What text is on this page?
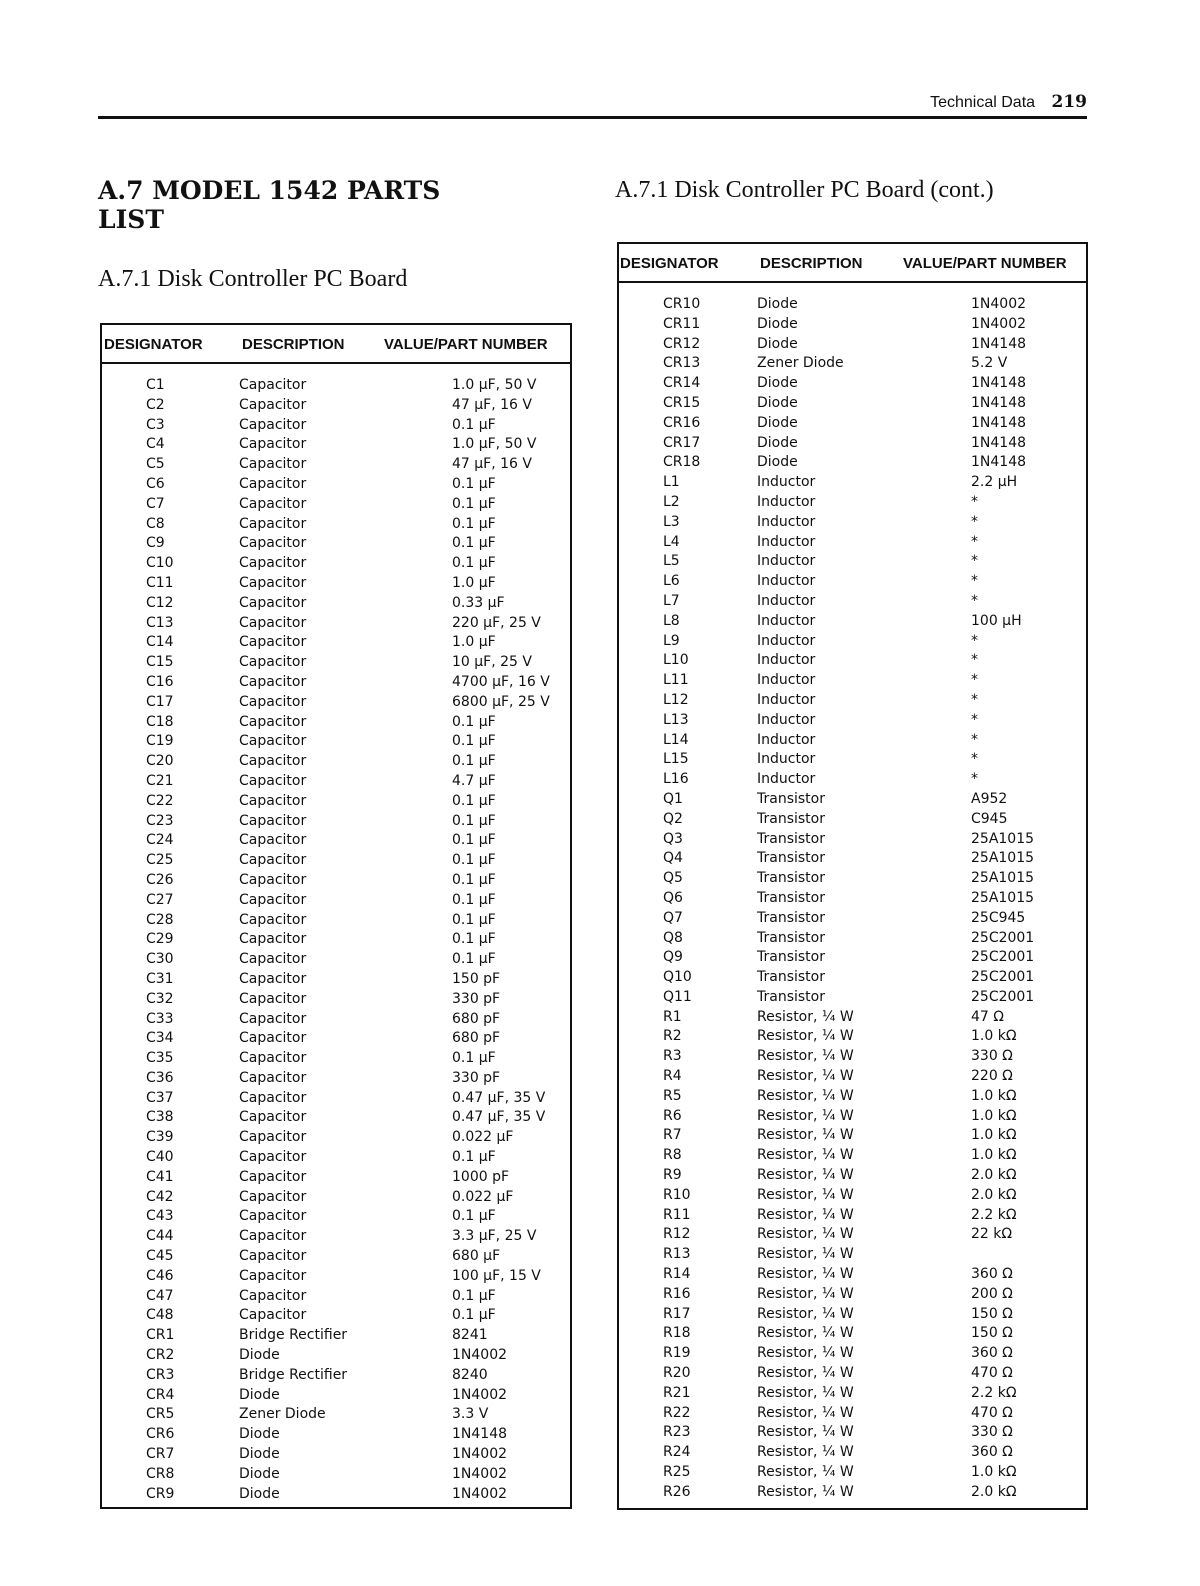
Technical Data 219
A.7 MODEL 1542 PARTS LIST
A.7.1 Disk Controller PC Board
A.7.1 Disk Controller PC Board (cont.)
DESIGNATOR	DESCRIPTION	VALUE/PART NUMBER
C1	Capacitor	1.0 µF, 50 V
C2	Capacitor	47 µF, 16 V
C3	Capacitor	0.1 µF
C4	Capacitor	1.0 µF, 50 V
C5	Capacitor	47 µF, 16 V
C6	Capacitor	0.1 µF
C7	Capacitor	0.1 µF
C8	Capacitor	0.1 µF
C9	Capacitor	0.1 µF
C10	Capacitor	0.1 µF
C11	Capacitor	1.0 µF
C12	Capacitor	0.33 µF
C13	Capacitor	220 µF, 25 V
C14	Capacitor	1.0 µF
C15	Capacitor	10 µF, 25 V
C16	Capacitor	4700 µF, 16 V
C17	Capacitor	6800 µF, 25 V
C18	Capacitor	0.1 µF
C19	Capacitor	0.1 µF
C20	Capacitor	0.1 µF
C21	Capacitor	4.7 µF
C22	Capacitor	0.1 µF
C23	Capacitor	0.1 µF
C24	Capacitor	0.1 µF
C25	Capacitor	0.1 µF
C26	Capacitor	0.1 µF
C27	Capacitor	0.1 µF
C28	Capacitor	0.1 µF
C29	Capacitor	0.1 µF
C30	Capacitor	0.1 µF
C31	Capacitor	150 pF
C32	Capacitor	330 pF
C33	Capacitor	680 pF
C34	Capacitor	680 pF
C35	Capacitor	0.1 µF
C36	Capacitor	330 pF
C37	Capacitor	0.47 µF, 35 V
C38	Capacitor	0.47 µF, 35 V
C39	Capacitor	0.022 µF
C40	Capacitor	0.1 µF
C41	Capacitor	1000 pF
C42	Capacitor	0.022 µF
C43	Capacitor	0.1 µF
C44	Capacitor	3.3 µF, 25 V
C45	Capacitor	680 µF
C46	Capacitor	100 µF, 15 V
C47	Capacitor	0.1 µF
C48	Capacitor	0.1 µF
CR1	Bridge Rectifier	8241
CR2	Diode	1N4002
CR3	Bridge Rectifier	8240
CR4	Diode	1N4002
CR5	Zener Diode	3.3 V
CR6	Diode	1N4148
CR7	Diode	1N4002
CR8	Diode	1N4002
CR9	Diode	1N4002
DESIGNATOR	DESCRIPTION	VALUE/PART NUMBER
CR10	Diode	1N4002
CR11	Diode	1N4002
CR12	Diode	1N4148
CR13	Zener Diode	5.2 V
CR14	Diode	1N4148
CR15	Diode	1N4148
CR16	Diode	1N4148
CR17	Diode	1N4148
CR18	Diode	1N4148
L1	Inductor	2.2 µH
L2	Inductor	*
L3	Inductor	*
L4	Inductor	*
L5	Inductor	*
L6	Inductor	*
L7	Inductor	*
L8	Inductor	100 µH
L9	Inductor	*
L10	Inductor	*
L11	Inductor	*
L12	Inductor	*
L13	Inductor	*
L14	Inductor	*
L15	Inductor	*
L16	Inductor	*
Q1	Transistor	A952
Q2	Transistor	C945
Q3	Transistor	25A1015
Q4	Transistor	25A1015
Q5	Transistor	25A1015
Q6	Transistor	25A1015
Q7	Transistor	25C945
Q8	Transistor	25C2001
Q9	Transistor	25C2001
Q10	Transistor	25C2001
Q11	Transistor	25C2001
R1	Resistor, ¼ W	47 Ω
R2	Resistor, ¼ W	1.0 kΩ
R3	Resistor, ¼ W	330 Ω
R4	Resistor, ¼ W	220 Ω
R5	Resistor, ¼ W	1.0 kΩ
R6	Resistor, ¼ W	1.0 kΩ
R7	Resistor, ¼ W	1.0 kΩ
R8	Resistor, ¼ W	1.0 kΩ
R9	Resistor, ¼ W	2.0 kΩ
R10	Resistor, ¼ W	2.0 kΩ
R11	Resistor, ¼ W	2.2 kΩ
R12	Resistor, ¼ W	22 kΩ
R13	Resistor, ¼ W
R14	Resistor, ¼ W	360 Ω
R16	Resistor, ¼ W	200 Ω
R17	Resistor, ¼ W	150 Ω
R18	Resistor, ¼ W	150 Ω
R19	Resistor, ¼ W	360 Ω
R20	Resistor, ¼ W	470 Ω
R21	Resistor, ¼ W	2.2 kΩ
R22	Resistor, ¼ W	470 Ω
R23	Resistor, ¼ W	330 Ω
R24	Resistor, ¼ W	360 Ω
R25	Resistor, ¼ W	1.0 kΩ
R26	Resistor, ¼ W	2.0 kΩ
